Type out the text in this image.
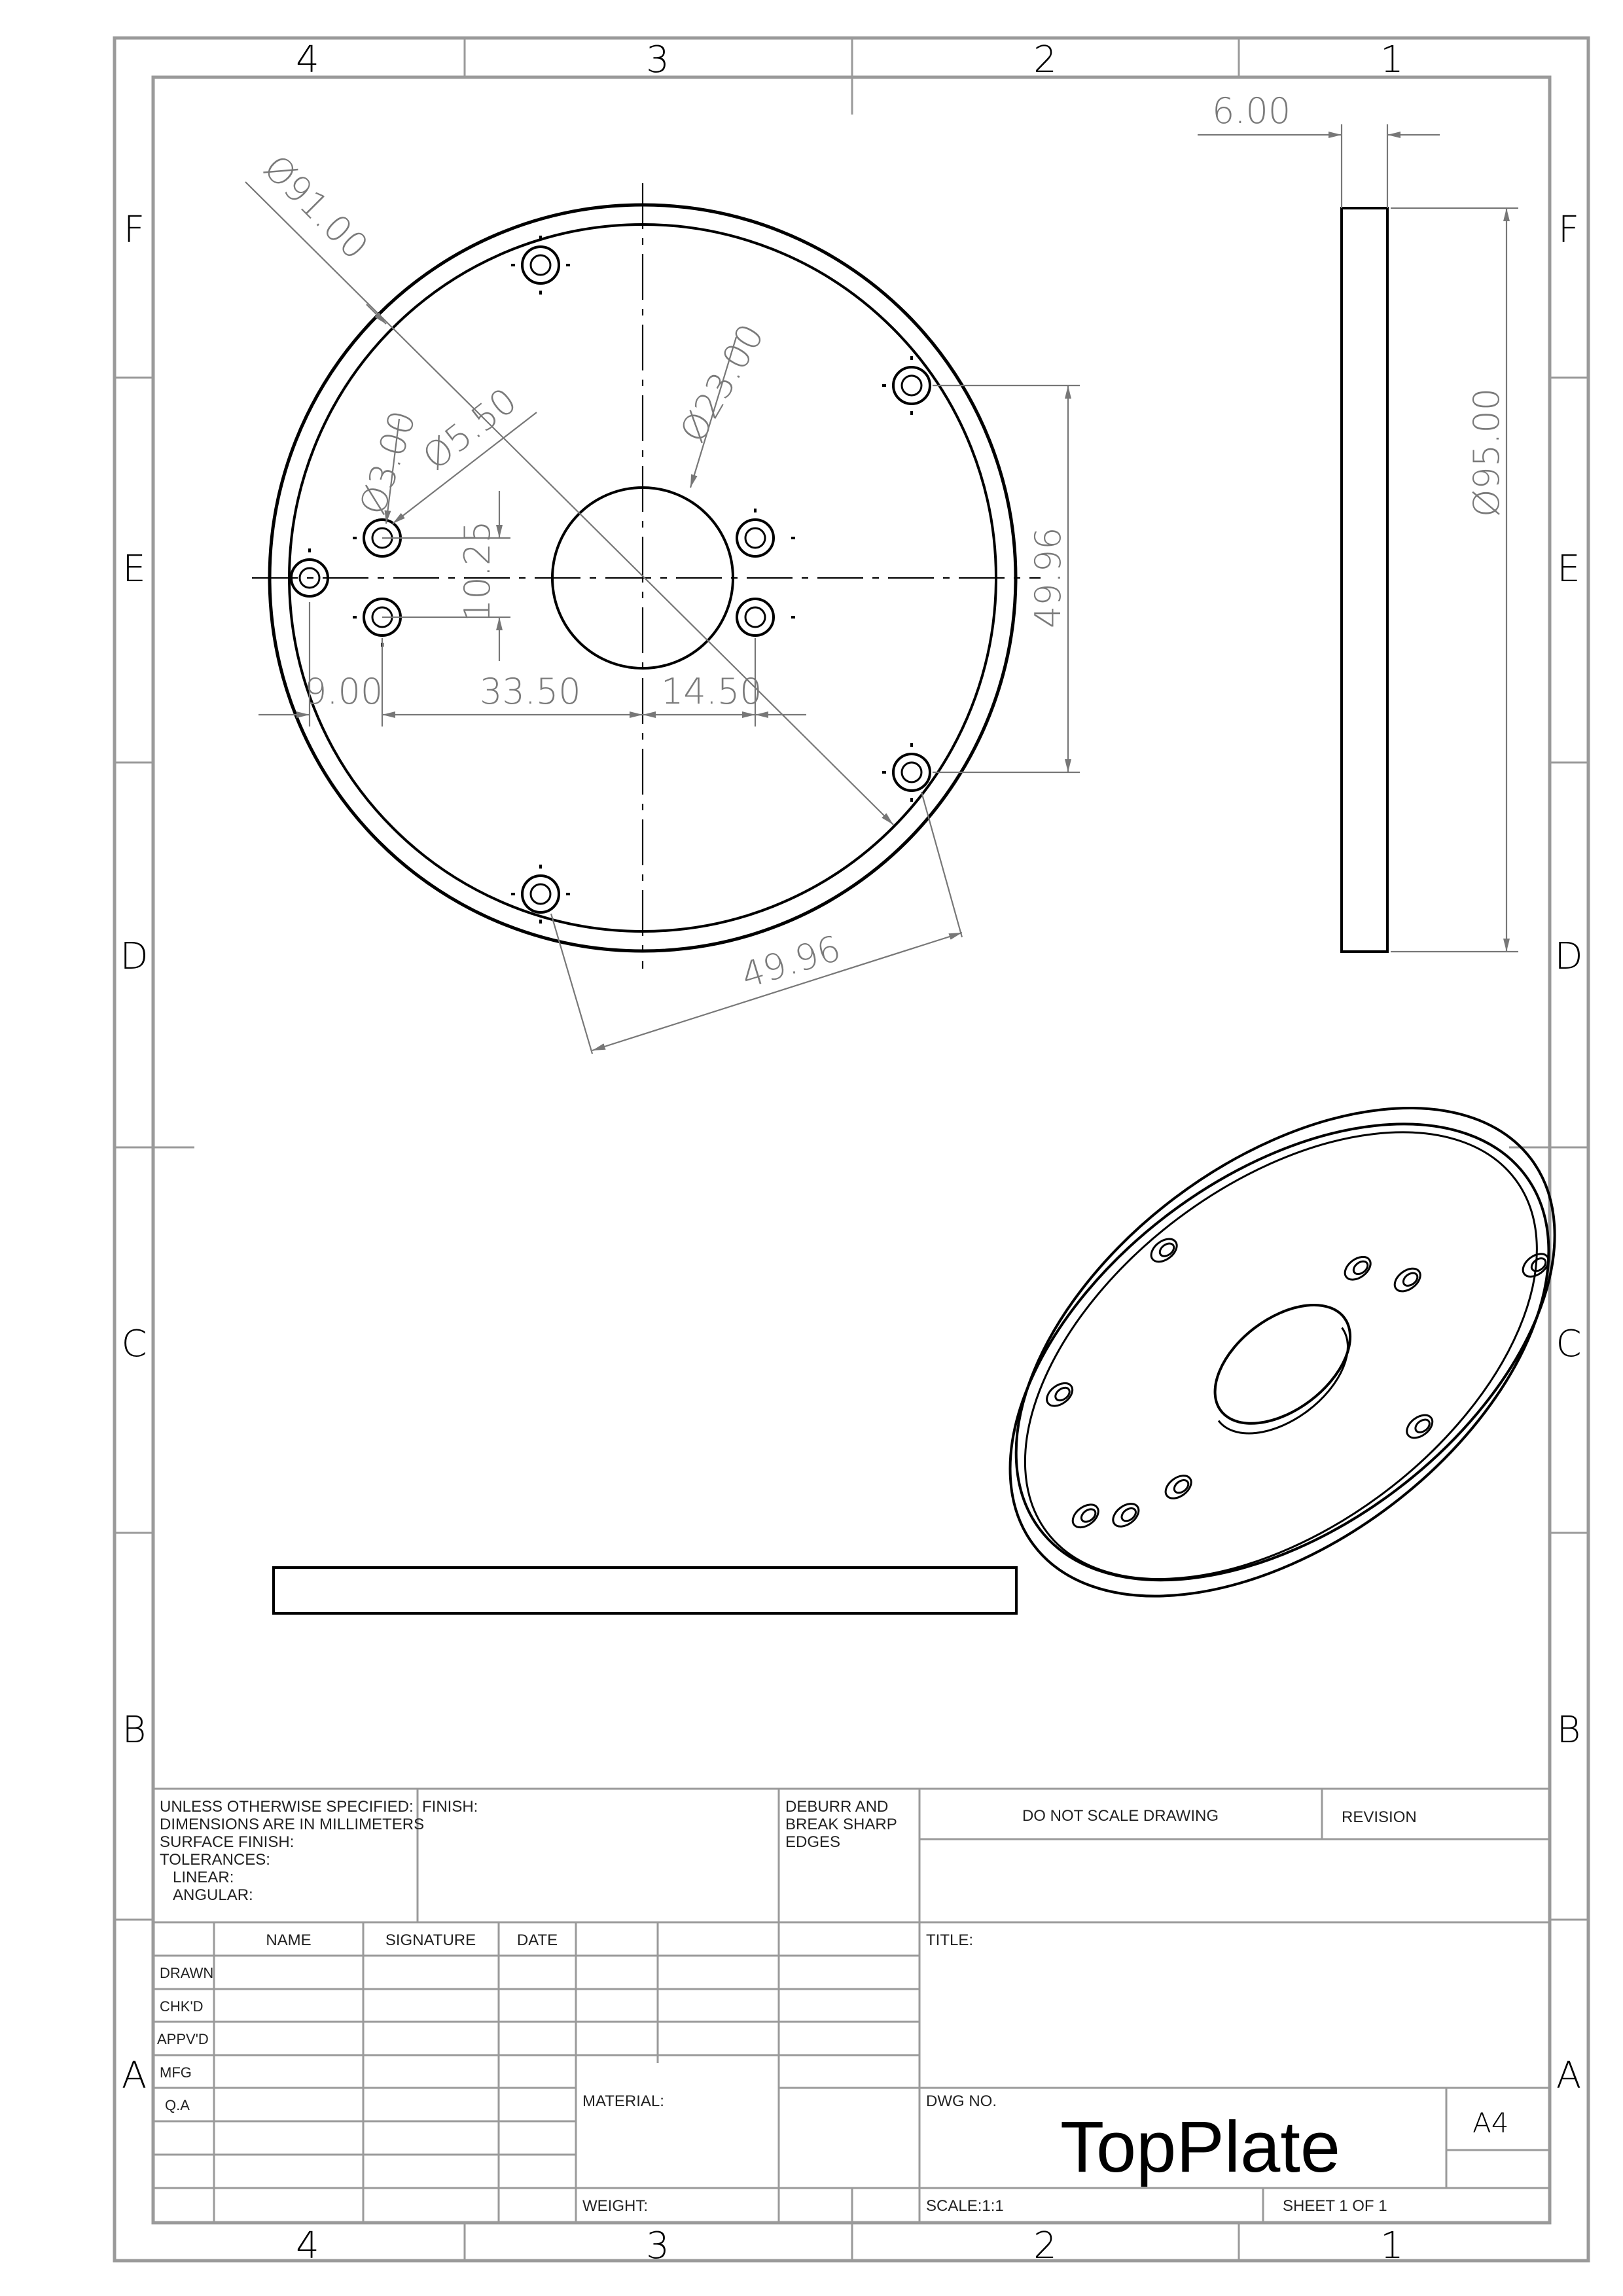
4	3	2	1
4	3	2	1
F
E
D
C
B
A
F
E
D
C
B
A
Ø91.00
Ø23.00
Ø5.50
Ø3.00
10.25
9.00	33.50 14.50
49.96
49.96
6.00
Ø95.00
UNLESS OTHERWISE SPECIFIED:
DIMENSIONS ARE IN MILLIMETERS
SURFACE FINISH:
TOLERANCES:
LINEAR:
ANGULAR:
FINISH:	DEBURR AND
BREAK SHARP
EDGES
DO NOT SCALE DRAWING	REVISION
NAME	SIGNATURE	DATE
DRAWN
CHK'D
APPV'D
MFG
Q.A
TITLE:
MATERIAL:	DWG NO.
TopPlate	A4
WEIGHT:	SCALE:1:1	SHEET 1 OF 1
